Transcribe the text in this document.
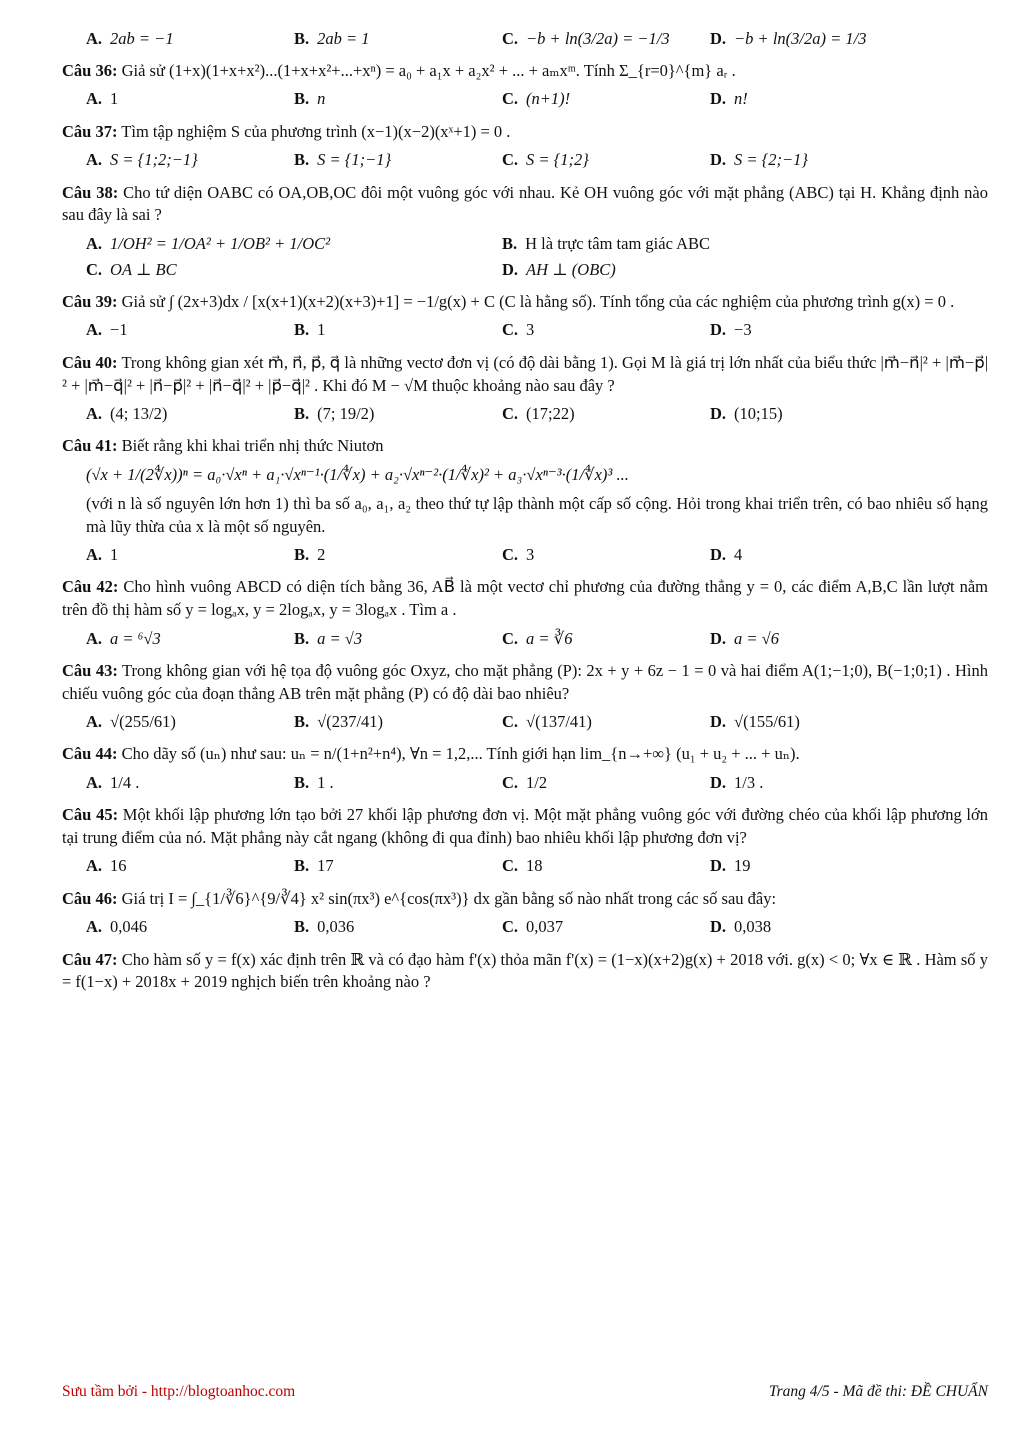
A. 2ab = −1	B. 2ab = 1	C. −b + ln(3/2a) = −1/3 D. −b + ln(3/2a) = 1/3
Câu 36: Giả sử (1+x)(1+x+x²)...(1+x+x²+...+xⁿ) = a₀ + a₁x + a₂x² + ... + aₘxᵐ. Tính Σ_{r=0}^{m} aᵣ .
A. 1	B. n	C. (n+1)!	D. n!
Câu 37: Tìm tập nghiệm S của phương trình (x−1)(x−2)(xˣ+1) = 0 .
A. S = {1;2;−1}	B. S = {1;−1}	C. S = {1;2}	D. S = {2;−1}
Câu 38: Cho tứ diện OABC có OA,OB,OC đôi một vuông góc với nhau. Kẻ OH vuông góc với mặt phẳng (ABC) tại H. Khẳng định nào sau đây là sai ?
A. 1/OH² = 1/OA² + 1/OB² + 1/OC²	B. H là trực tâm tam giác ABC
C. OA ⊥ BC	D. AH ⊥ (OBC)
Câu 39: Giả sử ∫ (2x+3)dx / [x(x+1)(x+2)(x+3)+1] = −1/g(x) + C (C là hằng số). Tính tổng của các nghiệm của phương trình g(x) = 0 .
A. −1	B. 1	C. 3	D. −3
Câu 40: Trong không gian xét m⃗, n⃗, p⃗, q⃗ là những vectơ đơn vị (có độ dài bằng 1). Gọi M là giá trị lớn nhất của biểu thức |m⃗−n⃗|² + |m⃗−p⃗|² + |m⃗−q⃗|² + |n⃗−p⃗|² + |n⃗−q⃗|² + |p⃗−q⃗|² . Khi đó M − √M thuộc khoảng nào sau đây ?
A. (4; 13/2)	B. (7; 19/2)	C. (17;22)	D. (10;15)
Câu 41: Biết rằng khi khai triển nhị thức Niutơn
(√x + 1/(2∜x))ⁿ = a₀·√xⁿ + a₁·√xⁿ⁻¹·(1/∜x) + a₂·√xⁿ⁻²·(1/∜x)² + a₃·√xⁿ⁻³·(1/∜x)³ ...
(với n là số nguyên lớn hơn 1) thì ba số a₀, a₁, a₂ theo thứ tự lập thành một cấp số cộng. Hỏi trong khai triển trên, có bao nhiêu số hạng mà lũy thừa của x là một số nguyên.
A. 1	B. 2	C. 3	D. 4
Câu 42: Cho hình vuông ABCD có diện tích bằng 36, AB⃗ là một vectơ chỉ phương của đường thẳng y = 0, các điểm A,B,C lần lượt nằm trên đồ thị hàm số y = logₐx, y = 2logₐx, y = 3logₐx . Tìm a .
A. a = ⁶√3	B. a = √3	C. a = ∛6	D. a = √6
Câu 43: Trong không gian với hệ tọa độ vuông góc Oxyz, cho mặt phẳng (P): 2x + y + 6z − 1 = 0 và hai điểm A(1;−1;0), B(−1;0;1) . Hình chiếu vuông góc của đoạn thẳng AB trên mặt phẳng (P) có độ dài bao nhiêu?
A. √(255/61)	B. √(237/41)	C. √(137/41)	D. √(155/61)
Câu 44: Cho dãy số (uₙ) như sau: uₙ = n/(1+n²+n⁴), ∀n = 1,2,... Tính giới hạn lim_{n→+∞} (u₁ + u₂ + ... + uₙ).
A. 1/4 .	B. 1 .	C. 1/2	D. 1/3 .
Câu 45: Một khối lập phương lớn tạo bởi 27 khối lập phương đơn vị. Một mặt phẳng vuông góc với đường chéo của khối lập phương lớn tại trung điểm của nó. Mặt phẳng này cắt ngang (không đi qua đỉnh) bao nhiêu khối lập phương đơn vị?
A. 16	B. 17	C. 18	D. 19
Câu 46: Giá trị I = ∫_{1/∛6}^{9/∛4} x² sin(πx³) e^{cos(πx³)} dx gần bằng số nào nhất trong các số sau đây:
A. 0,046	B. 0,036	C. 0,037	D. 0,038
Câu 47: Cho hàm số y = f(x) xác định trên ℝ và có đạo hàm f'(x) thỏa mãn f'(x) = (1−x)(x+2)g(x) + 2018 với. g(x) < 0; ∀x ∈ ℝ . Hàm số y = f(1−x) + 2018x + 2019 nghịch biến trên khoảng nào ?
Sưu tầm bởi - http://blogtoanhoc.com	Trang 4/5 - Mã đề thi: ĐỀ CHUẨN
